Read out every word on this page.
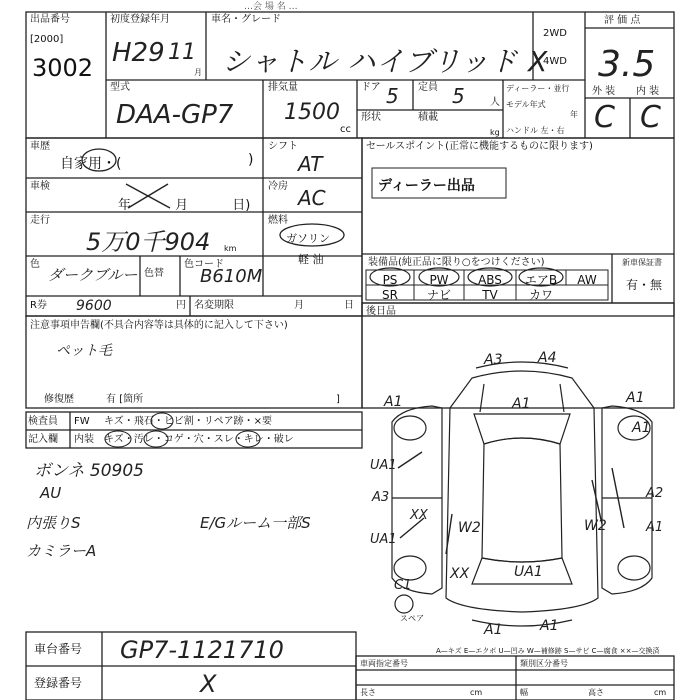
出品番号
[2000]
3002
初度登録年月
H29 11
月
車名・グレード
シャトル ハイブリッド X
…会 場 名 …
2WD
4WD
評 価 点
3.5
型式
DAA-GP7
排気量
1500
cc
ドア 5 定員 5	人
形状	積載
kg
ディーラー・並行
モデル年式
年
ハンドル 左・右
外 装 内 装
C C
車歴
自家用・(	)
シフト
AT
車検
年 月 日)
冷房 AC
走行
5万0千904 km
燃料
ガソリン
軽 油
色
ダークブルー 色替
色コード
B610M
R券 9600	円 名変期限	月	日
セールスポイント(正常に機能するものに限ります)
ディーラー出品
装備品(純正品に限り○をつけください)	新車保証書
有・無
PS	PW ABS エアB AW
SR ナビ	TV	カワ
後日品
注意事項申告欄(不具合内容等は具体的に記入して下さい)
ペット毛
修復歴	有 [箇所	]
検査員
記入欄
FW キズ・飛石・ヒビ割・リペア跡・×要
内装 キズ・汚レ・コゲ・穴・スレ・キレ・破レ
ボンネ 50905
AU
内張りS
カミラーA
E/Gルーム一部S
A3	A4
A1	A1	A1
A1
UA1
A2
A3
XX
W2	W2	A1
UA1
XX	UA1
C1
A1	A1
スペア
A—キズ E—エクボ U—凹み W—補修跡 S—サビ C—腐食 ××—交換済
車台番号 GP7-1121710
登録番号	X
車両指定番号	類別区分番号
長さ	cm	幅	高さ	cm
